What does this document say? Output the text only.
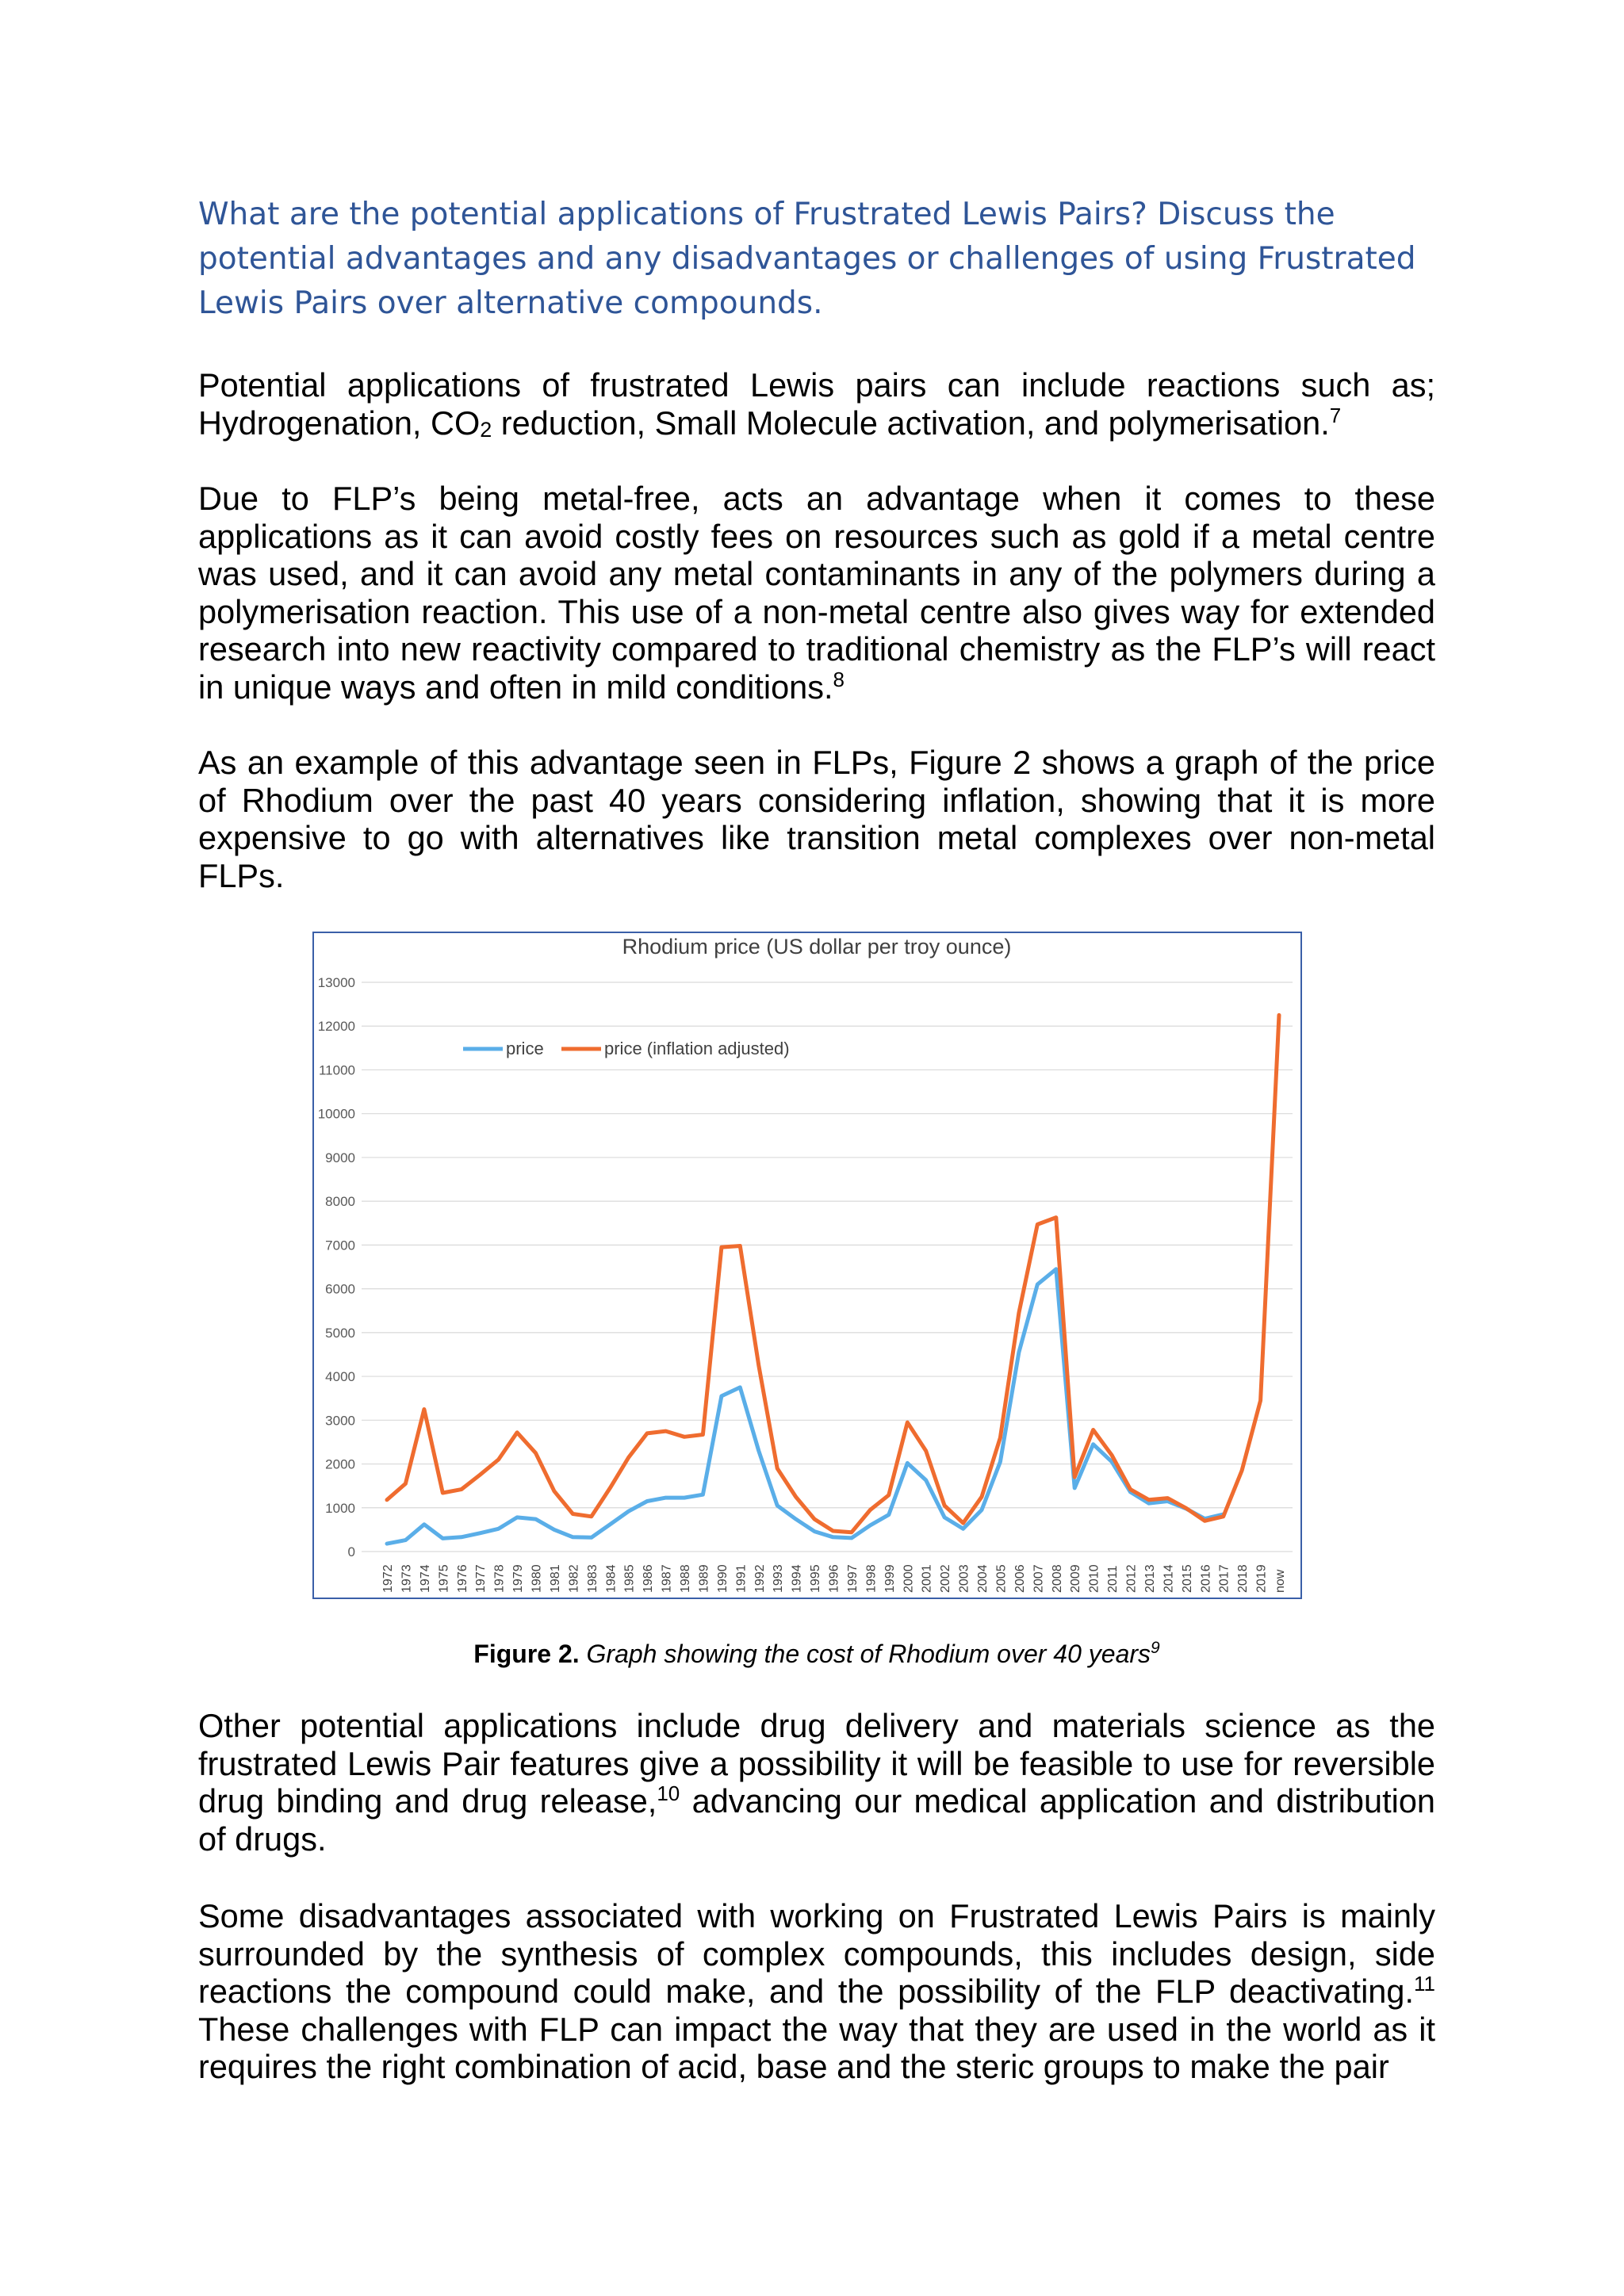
What are the potential applications of Frustrated Lewis Pairs? Discuss the potential advantages and any disadvantages or challenges of using Frustrated Lewis Pairs over alternative compounds.

Potential applications of frustrated Lewis pairs can include reactions such as; Hydrogenation, $CO_2$ reduction, Small Molecule activation, and polymerisation.$^7$

Due to FLP’s being metal-free, acts an advantage when it comes to these applications as it can avoid costly fees on resources such as gold if a metal centre was used, and it can avoid any metal contaminants in any of the polymers during a polymerisation reaction. This use of a non-metal centre also gives way for extended research into new reactivity compared to traditional chemistry as the FLP’s will react in unique ways and often in mild conditions.$^8$

As an example of this advantage seen in FLPs, Figure 2 shows a graph of the price of Rhodium over the past 40 years considering inflation, showing that it is more expensive to go with alternatives like transition metal complexes over non-metal FLPs.

Rhodium price (US dollar per troy ounce)
0
1000
2000
3000
4000
5000
6000
7000
8000
9000
10000
11000
12000
13000
1972 1973 1974 1975 1976 1977 1978 1979 1980 1981 1982 1983 1984 1985 1986 1987 1988 1989 1990 1991 1992 1993 1994 1995 1996 1997 1998 1999 2000 2001 2002 2003 2004 2005 2006 2007 2008 2009 2010 2011 2012 2013 2014 2015 2016 2017 2018 2019 now
price	price (inflation adjusted)
Figure 2. Graph showing the cost of Rhodium over 40 years$^9$

Other potential applications include drug delivery and materials science as the frustrated Lewis Pair features give a possibility it will be feasible to use for reversible drug binding and drug release,$^{10}$ advancing our medical application and distribution of drugs.

Some disadvantages associated with working on Frustrated Lewis Pairs is mainly surrounded by the synthesis of complex compounds, this includes design, side reactions the compound could make, and the possibility of the FLP deactivating.$^{11}$ These challenges with FLP can impact the way that they are used in the world as it requires the right combination of acid, base and the steric groups to make the pair
